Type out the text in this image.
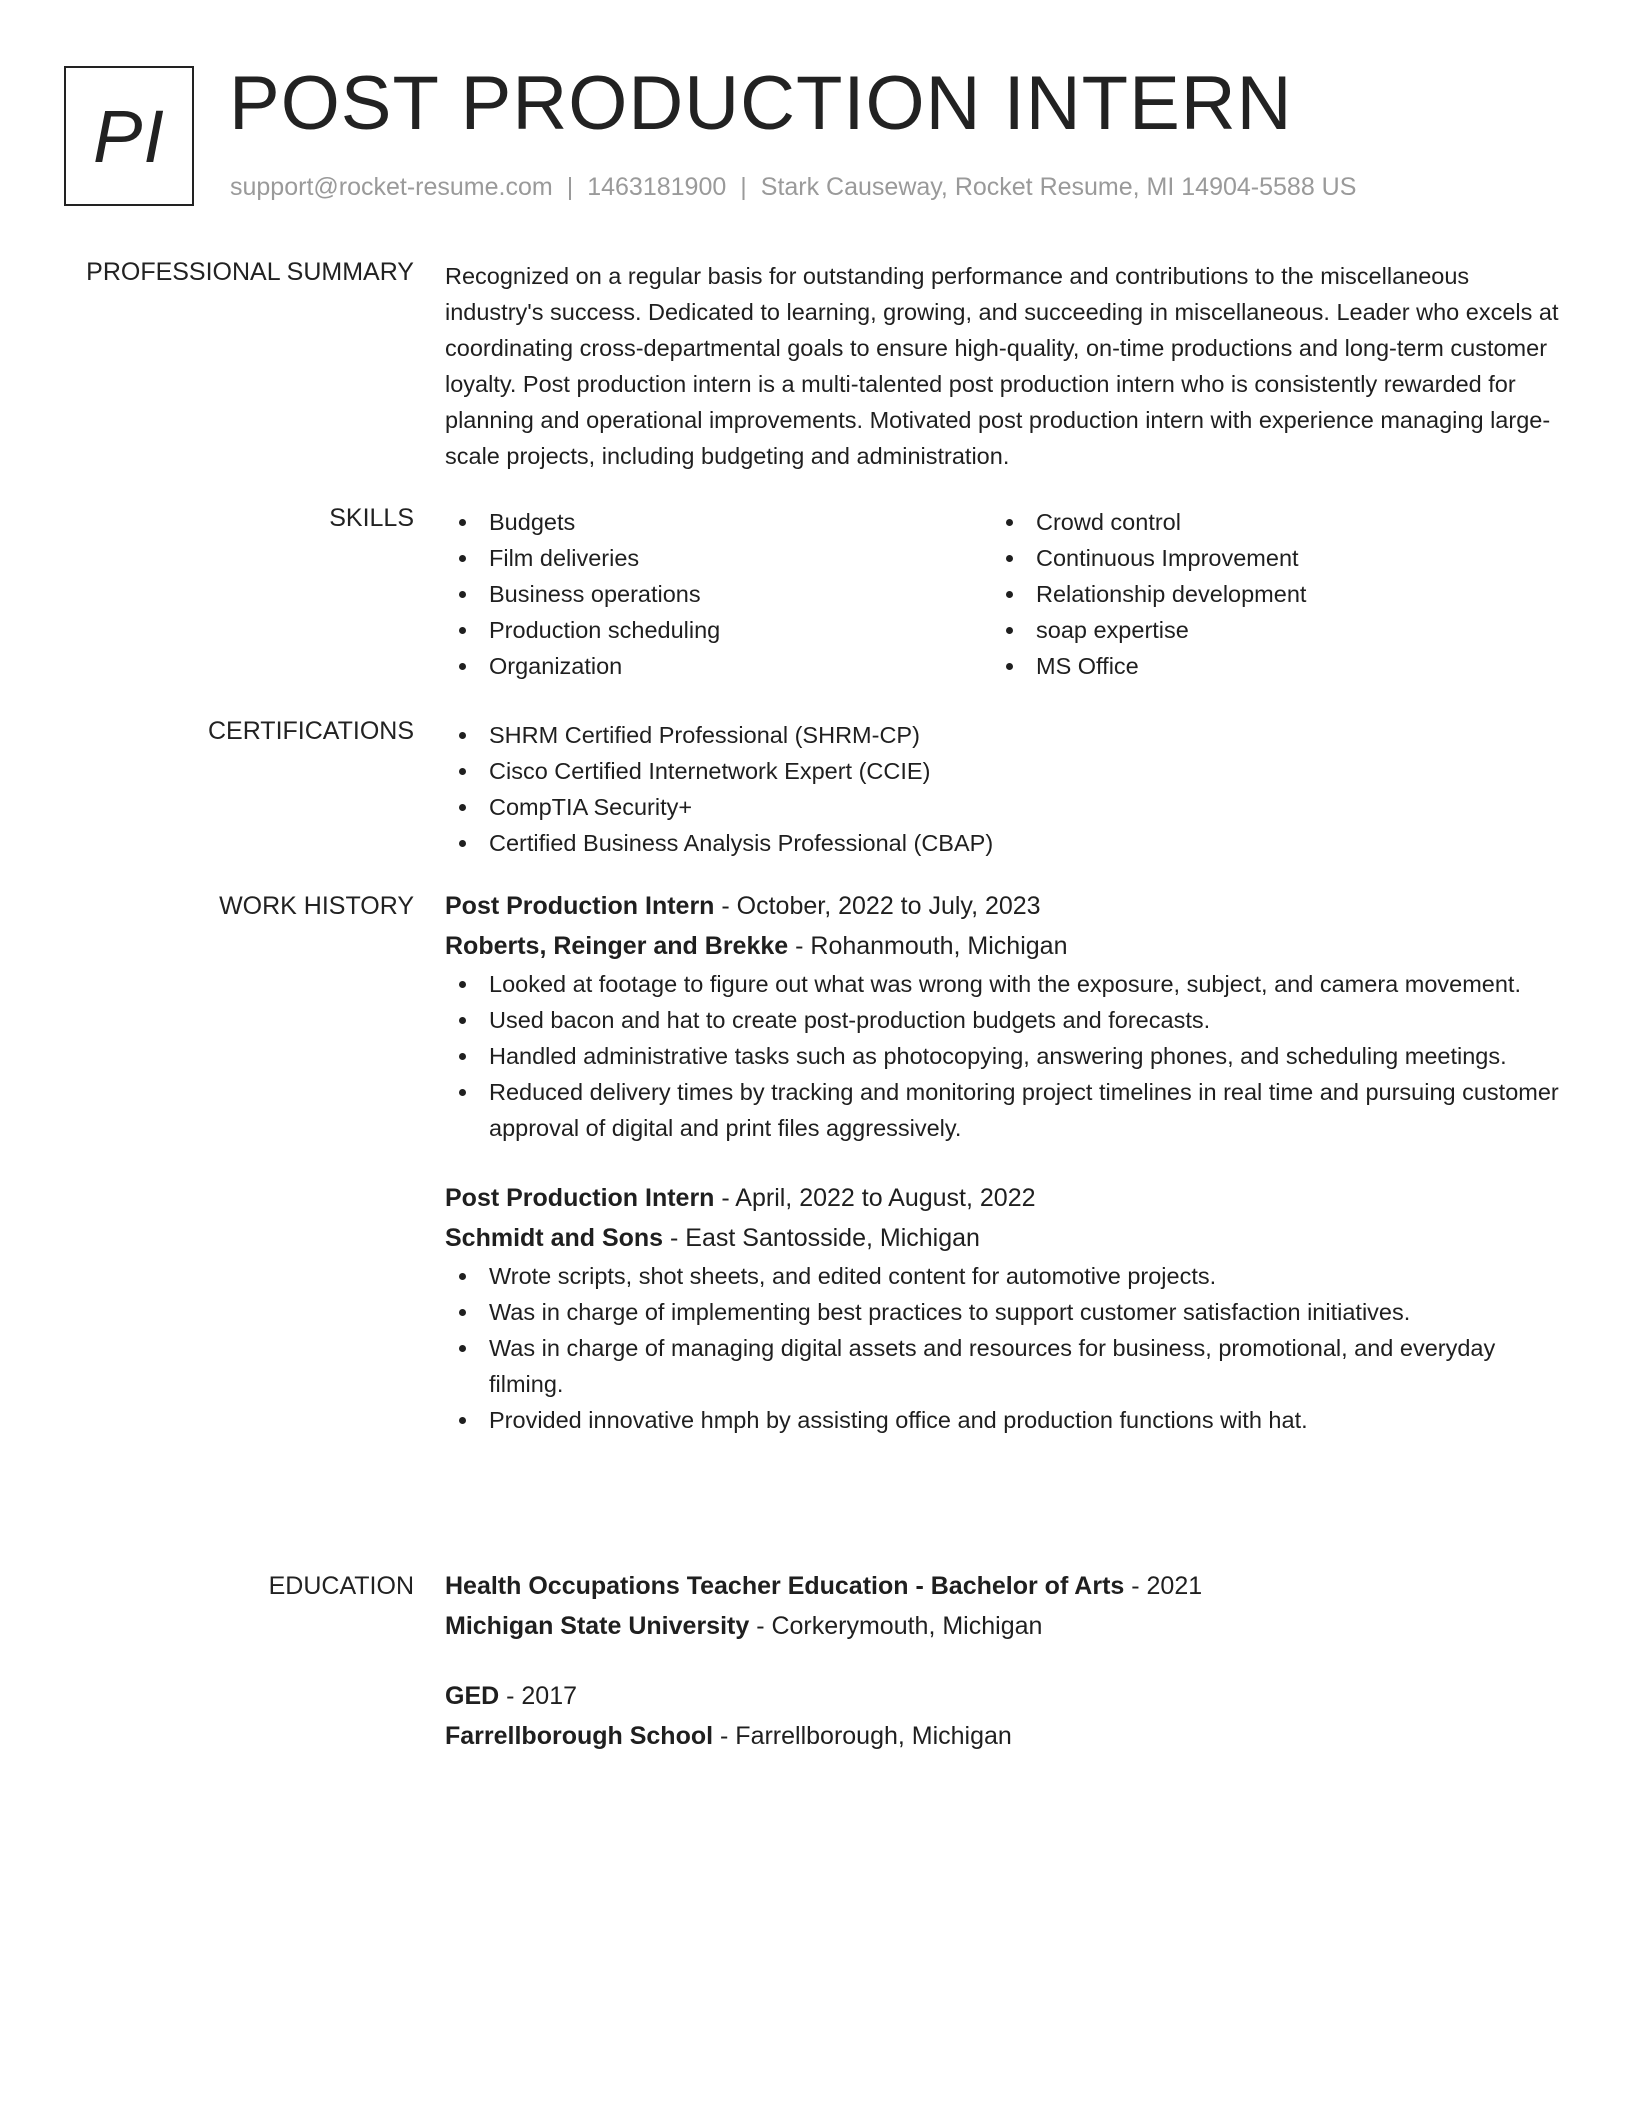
PI POST PRODUCTION INTERN
support@rocket-resume.com | 1463181900 | Stark Causeway, Rocket Resume, MI 14904-5588 US
PROFESSIONAL SUMMARY Recognized on a regular basis for outstanding performance and contributions to the miscellaneous industry's success. Dedicated to learning, growing, and succeeding in miscellaneous. Leader who excels at coordinating cross-departmental goals to ensure high-quality, on-time productions and long-term customer loyalty. Post production intern is a multi-talented post production intern who is consistently rewarded for planning and operational improvements. Motivated post production intern with experience managing large-scale projects, including budgeting and administration.
SKILLS	Budgets
Film deliveries
Business operations
Production scheduling
Organization
Crowd control
Continuous Improvement
Relationship development
soap expertise
MS Office
CERTIFICATIONS	SHRM Certified Professional (SHRM-CP)
Cisco Certified Internetwork Expert (CCIE)
CompTIA Security+
Certified Business Analysis Professional (CBAP)
WORK HISTORY Post Production Intern - October, 2022 to July, 2023
Roberts, Reinger and Brekke - Rohanmouth, Michigan
Looked at footage to figure out what was wrong with the exposure, subject, and camera movement.
Used bacon and hat to create post-production budgets and forecasts.
Handled administrative tasks such as photocopying, answering phones, and scheduling meetings.
Reduced delivery times by tracking and monitoring project timelines in real time and pursuing customer approval of digital and print files aggressively.
Post Production Intern - April, 2022 to August, 2022
Schmidt and Sons - East Santosside, Michigan
Wrote scripts, shot sheets, and edited content for automotive projects.
Was in charge of implementing best practices to support customer satisfaction initiatives.
Was in charge of managing digital assets and resources for business, promotional, and everyday filming.
Provided innovative hmph by assisting office and production functions with hat.
EDUCATION Health Occupations Teacher Education - Bachelor of Arts - 2021
Michigan State University - Corkerymouth, Michigan
GED - 2017
Farrellborough School - Farrellborough, Michigan
